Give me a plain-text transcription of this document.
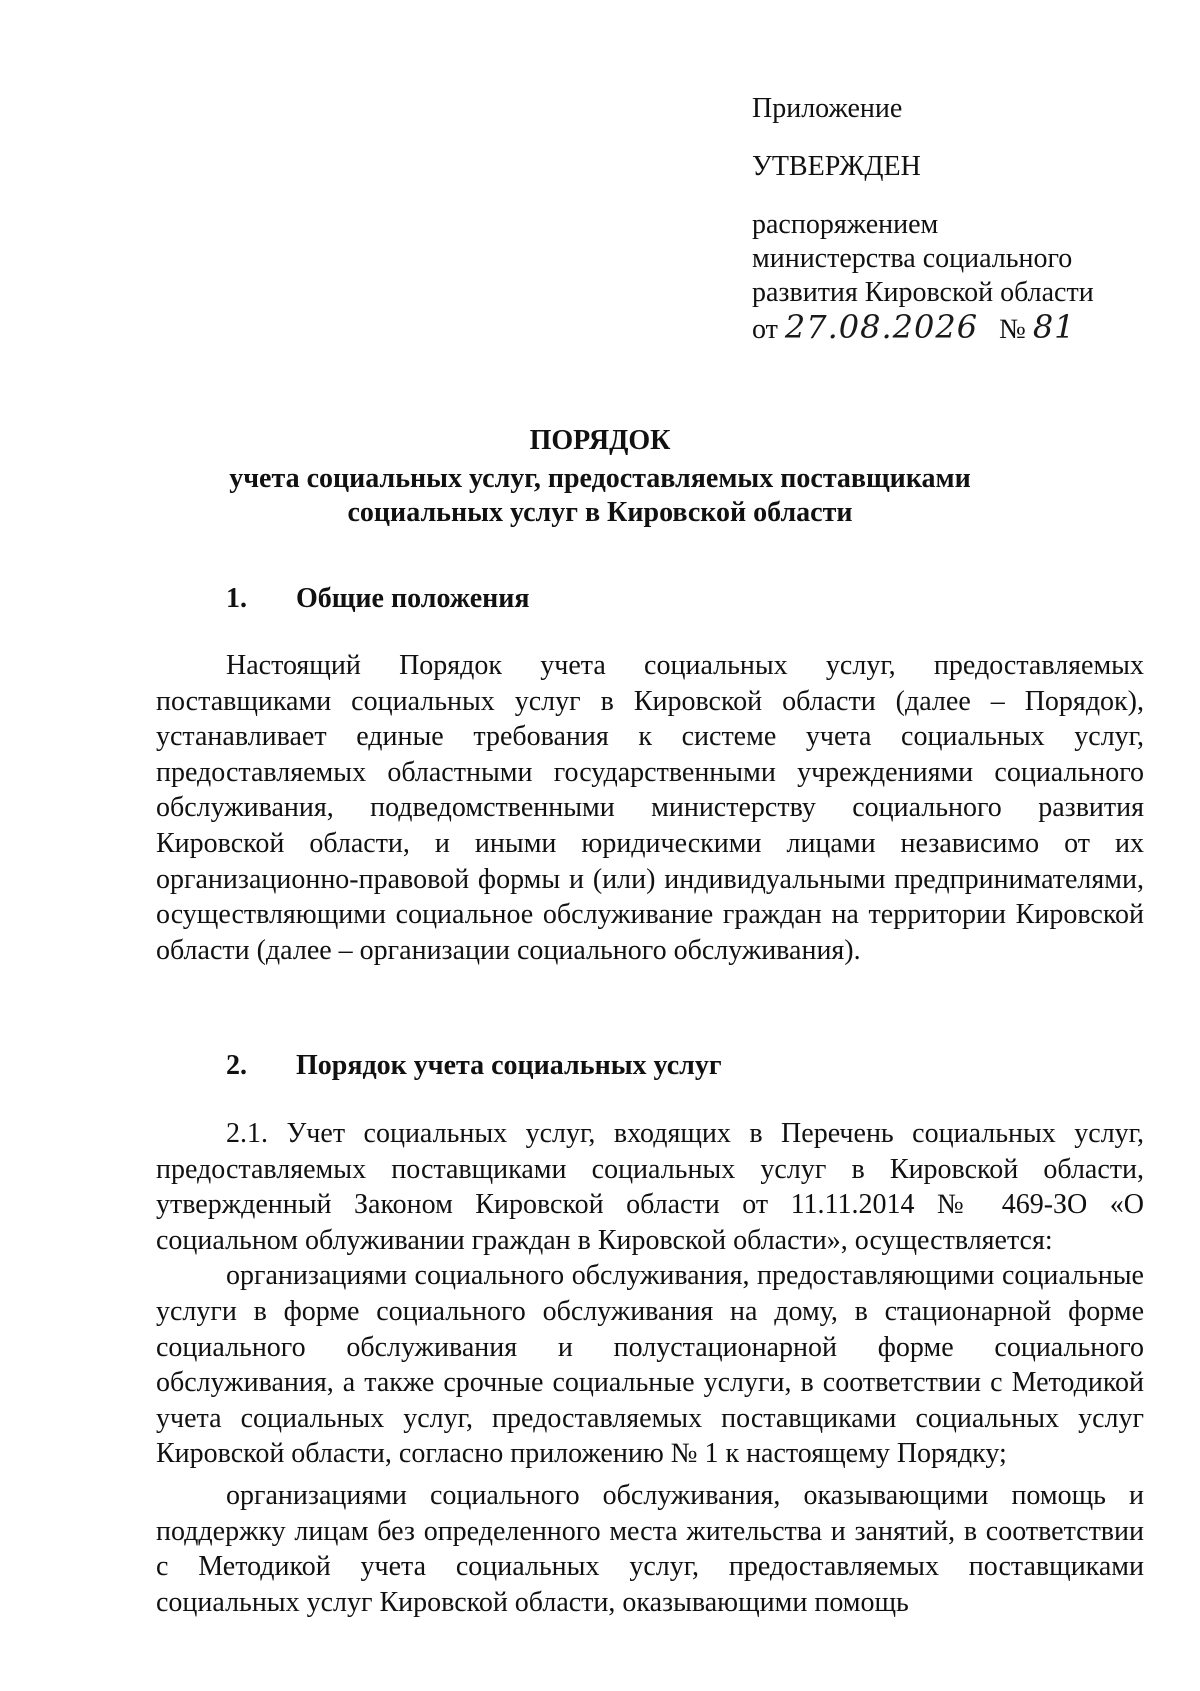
Приложение
УТВЕРЖДЕН
распоряжением
министерства социального
развития Кировской области
от 27.08.2026 № 81
ПОРЯДОК
учета социальных услуг, предоставляемых поставщиками
социальных услуг в Кировской области
1. Общие положения

Настоящий Порядок учета социальных услуг, предоставляемых поставщиками социальных услуг в Кировской области (далее – Порядок), устанавливает единые требования к системе учета социальных услуг, предоставляемых областными государственными учреждениями социального обслуживания, подведомственными министерству социального развития Кировской области, и иными юридическими лицами независимо от их организационно-правовой формы и (или) индивидуальными предпринимателями, осуществляющими социальное обслуживание граждан на территории Кировской области (далее – организации социального обслуживания).

2. Порядок учета социальных услуг

2.1. Учет социальных услуг, входящих в Перечень социальных услуг, предоставляемых поставщиками социальных услуг в Кировской области, утвержденный Законом Кировской области от 11.11.2014 № 469-ЗО «О социальном облуживании граждан в Кировской области», осуществляется:

организациями социального обслуживания, предоставляющими социальные услуги в форме социального обслуживания на дому, в стационарной форме социального обслуживания и полустационарной форме социального обслуживания, а также срочные социальные услуги, в соответствии с Методикой учета социальных услуг, предоставляемых поставщиками социальных услуг Кировской области, согласно приложению № 1 к настоящему Порядку;

организациями социального обслуживания, оказывающими помощь и поддержку лицам без определенного места жительства и занятий, в соответствии с Методикой учета социальных услуг, предоставляемых поставщиками социальных услуг Кировской области, оказывающими помощь
